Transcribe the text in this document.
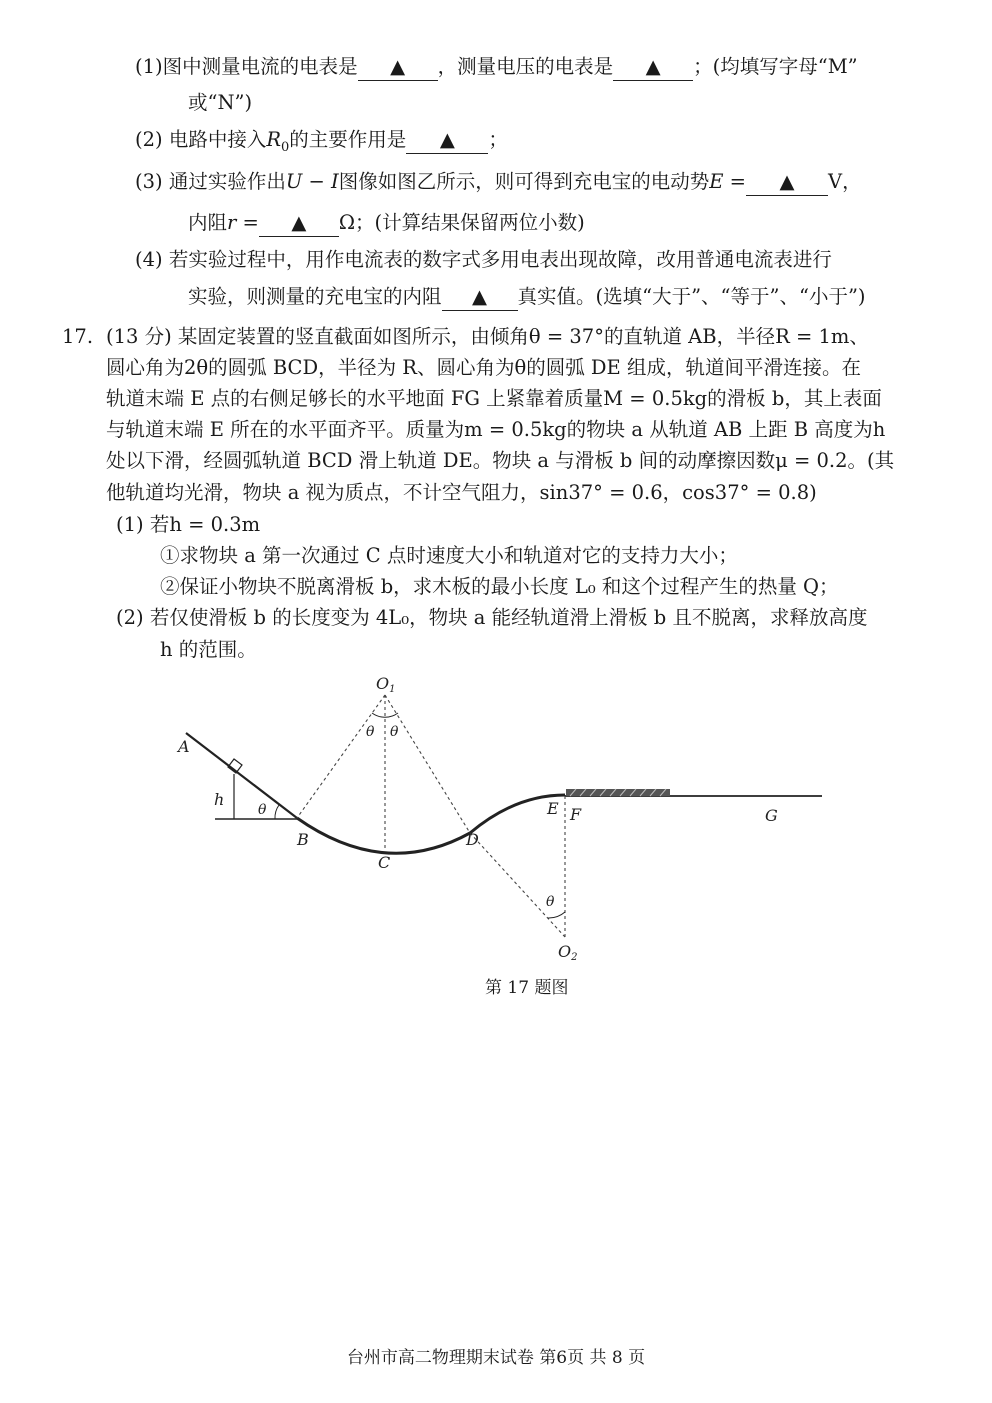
(1)图中测量电流的电表是 ▲ ，测量电压的电表是 ▲ ；(均填写字母“M”
或“N”)
(2) 电路中接入$R_0$的主要作用是 ▲ ；
(3) 通过实验作出U − I图像如图乙所示，则可得到充电宝的电动势E = ▲ V，
内阻r = ▲ Ω；(计算结果保留两位小数)
(4) 若实验过程中，用作电流表的数字式多用电表出现故障，改用普通电流表进行
实验，则测量的充电宝的内阻 ▲ 真实值。(选填“大于”、“等于”、“小于”)
17. (13 分) 某固定装置的竖直截面如图所示，由倾角θ = 37°的直轨道 AB，半径R = 1m、
圆心角为2θ的圆弧 BCD，半径为 R、圆心角为θ的圆弧 DE 组成，轨道间平滑连接。在
轨道末端 E 点的右侧足够长的水平地面 FG 上紧靠着质量M = 0.5kg的滑板 b，其上表面
与轨道末端 E 所在的水平面齐平。质量为m = 0.5kg的物块 a 从轨道 AB 上距 B 高度为h
处以下滑，经圆弧轨道 BCD 滑上轨道 DE。物块 a 与滑板 b 间的动摩擦因数μ = 0.2。(其
他轨道均光滑，物块 a 视为质点，不计空气阻力，sin37° = 0.6，cos37° = 0.8)
(1) 若h = 0.3m
①求物块 a 第一次通过 C 点时速度大小和轨道对它的支持力大小；
②保证小物块不脱离滑板 b，求木板的最小长度 L₀ 和这个过程产生的热量 Q；
(2) 若仅使滑板 b 的长度变为 4L₀，物块 a 能经轨道滑上滑板 b 且不脱离，求释放高度
h 的范围。
A
h
θ
B
C
D
E F	G
θ θ
θ
O1
O2
第 17 题图
台州市高二物理期末试卷 第6页 共 8 页
